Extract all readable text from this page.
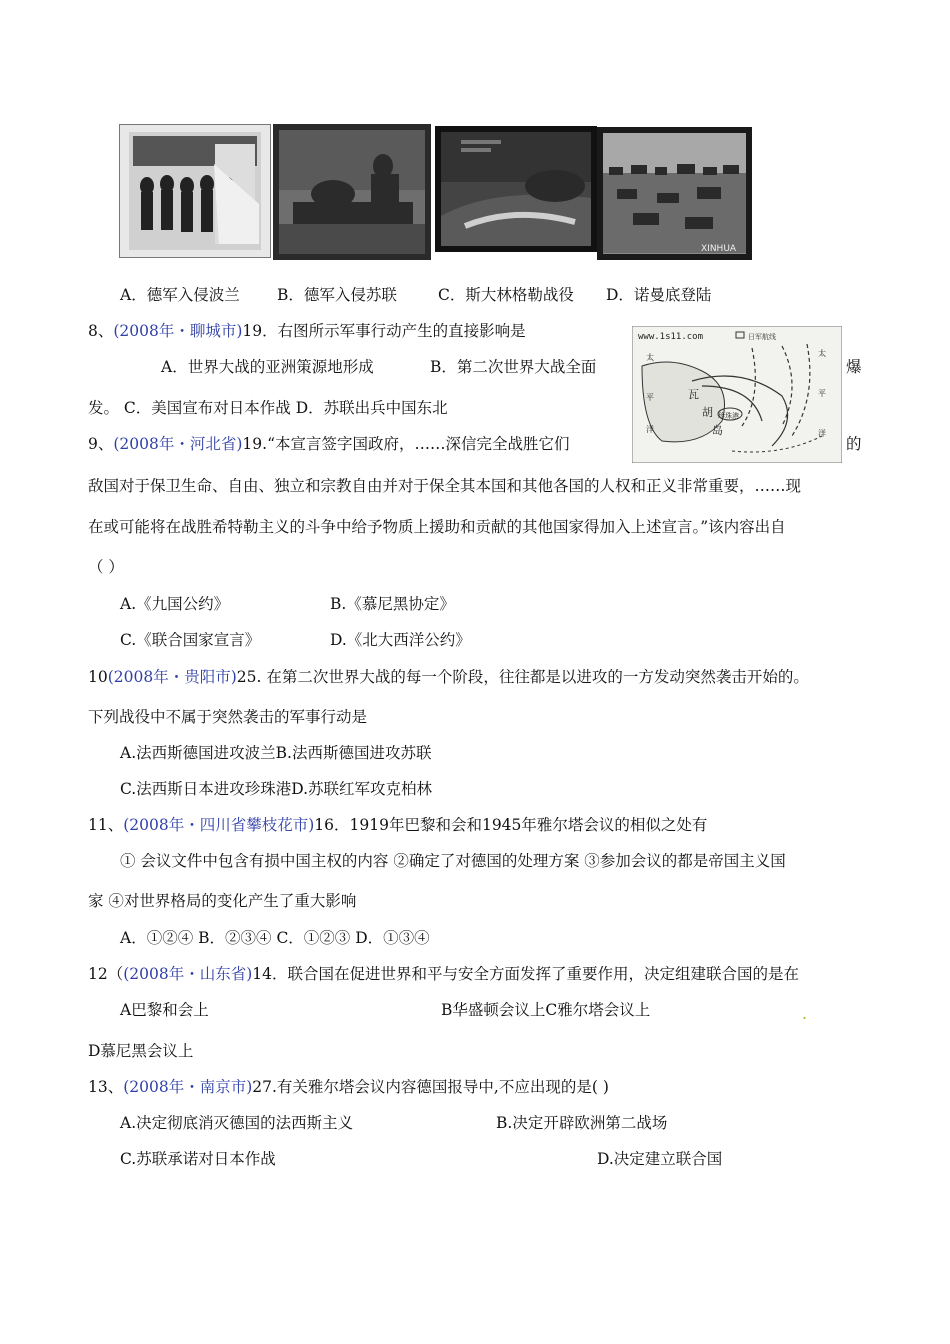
XINHUA
A．德军入侵波兰 B．德军入侵苏联	C．斯大林格勒战役 D．诺曼底登陆
8、(2008年・聊城市)19．右图所示军事行动产生的直接影响是
A．世界大战的亚洲策源地形成	B．第二次世界大战全面	爆
发。 C．美国宣布对日本作战 D．苏联出兵中国东北
www.1s11.com	日军航线
太
平
洋
瓦
胡
岛
珍珠港
太
平
洋
9、(2008年・河北省)19.“本宣言签字国政府，……深信完全战胜它们	的
敌国对于保卫生命、自由、独立和宗教自由并对于保全其本国和其他各国的人权和正义非常重要，……现
在或可能将在战胜希特勒主义的斗争中给予物质上援助和贡献的其他国家得加入上述宣言。”该内容出自
（ ）
A.《九国公约》	B.《慕尼黑协定》
C.《联合国家宣言》	D.《北大西洋公约》
10(2008年・贵阳市)25. 在第二次世界大战的每一个阶段，往往都是以进攻的一方发动突然袭击开始的。
下列战役中不属于突然袭击的军事行动是
A.法西斯德国进攻波兰B.法西斯德国进攻苏联
C.法西斯日本进攻珍珠港D.苏联红军攻克柏林
11、(2008年・四川省攀枝花市)16．1919年巴黎和会和1945年雅尔塔会议的相似之处有
① 会议文件中包含有损中国主权的内容 ②确定了对德国的处理方案 ③参加会议的都是帝国主义国
家 ④对世界格局的变化产生了重大影响
A．①②④ B．②③④ C．①②③ D．①③④
12（(2008年・山东省)14．联合国在促进世界和平与安全方面发挥了重要作用，决定组建联合国的是在
A巴黎和会上	B华盛顿会议上C雅尔塔会议上	.
D慕尼黑会议上
13、(2008年・南京市)27.有关雅尔塔会议内容德国报导中,不应出现的是( )
A.决定彻底消灭德国的法西斯主义	B.决定开辟欧洲第二战场
C.苏联承诺对日本作战	D.决定建立联合国
